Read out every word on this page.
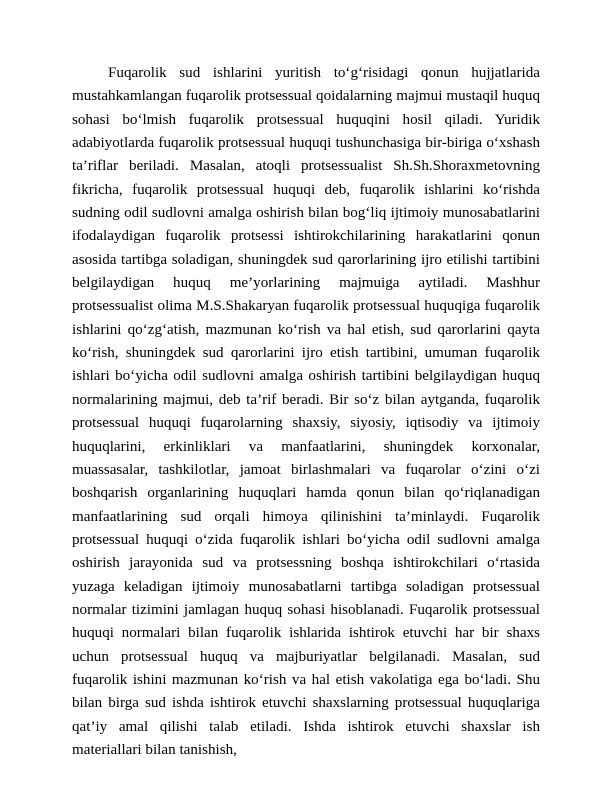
Fuqarolik sud ishlarini yuritish toʻgʻrisidagi qonun hujjatlarida mustahkamlangan fuqarolik protsessual qoidalarning majmui mustaqil huquq sohasi boʻlmish fuqarolik protsessual huquqini hosil qiladi. Yuridik adabiyotlarda fuqarolik protsessual huquqi tushunchasiga bir-biriga oʻxshash ta’riflar beriladi. Masalan, atoqli protsessualist Sh.Sh.Shoraxmetovning fikricha, fuqarolik protsessual huquqi deb, fuqarolik ishlarini koʻrishda sudning odil sudlovni amalga oshirish bilan bogʻliq ijtimoiy munosabatlarini ifodalaydigan fuqarolik protsessi ishtirokchilarining harakatlarini qonun asosida tartibga soladigan, shuningdek sud qarorlarining ijro etilishi tartibini belgilaydigan huquq me’yorlarining majmuiga aytiladi. Mashhur protsessualist olima M.S.Shakaryan fuqarolik protsessual huquqiga fuqarolik ishlarini qoʻzgʻatish, mazmunan koʻrish va hal etish, sud qarorlarini qayta koʻrish, shuningdek sud qarorlarini ijro etish tartibini, umuman fuqarolik ishlari boʻyicha odil sudlovni amalga oshirish tartibini belgilaydigan huquq normalarining majmui, deb ta’rif beradi. Bir soʻz bilan aytganda, fuqarolik protsessual huquqi fuqarolarning shaxsiy, siyosiy, iqtisodiy va ijtimoiy huquqlarini, erkinliklari va manfaatlarini, shuningdek korxonalar, muassasalar, tashkilotlar, jamoat birlashmalari va fuqarolar oʻzini oʻzi boshqarish organlarining huquqlari hamda qonun bilan qoʻriqlanadigan manfaatlarining sud orqali himoya qilinishini ta’minlaydi. Fuqarolik protsessual huquqi oʻzida fuqarolik ishlari boʻyicha odil sudlovni amalga oshirish jarayonida sud va protsessning boshqa ishtirokchilari oʻrtasida yuzaga keladigan ijtimoiy munosabatlarni tartibga soladigan protsessual normalar tizimini jamlagan huquq sohasi hisoblanadi. Fuqarolik protsessual huquqi normalari bilan fuqarolik ishlarida ishtirok etuvchi har bir shaxs uchun protsessual huquq va majburiyatlar belgilanadi. Masalan, sud fuqarolik ishini mazmunan koʻrish va hal etish vakolatiga ega boʻladi. Shu bilan birga sud ishda ishtirok etuvchi shaxslarning protsessual huquqlariga qat’iy amal qilishi talab etiladi. Ishda ishtirok etuvchi shaxslar ish materiallari bilan tanishish,
